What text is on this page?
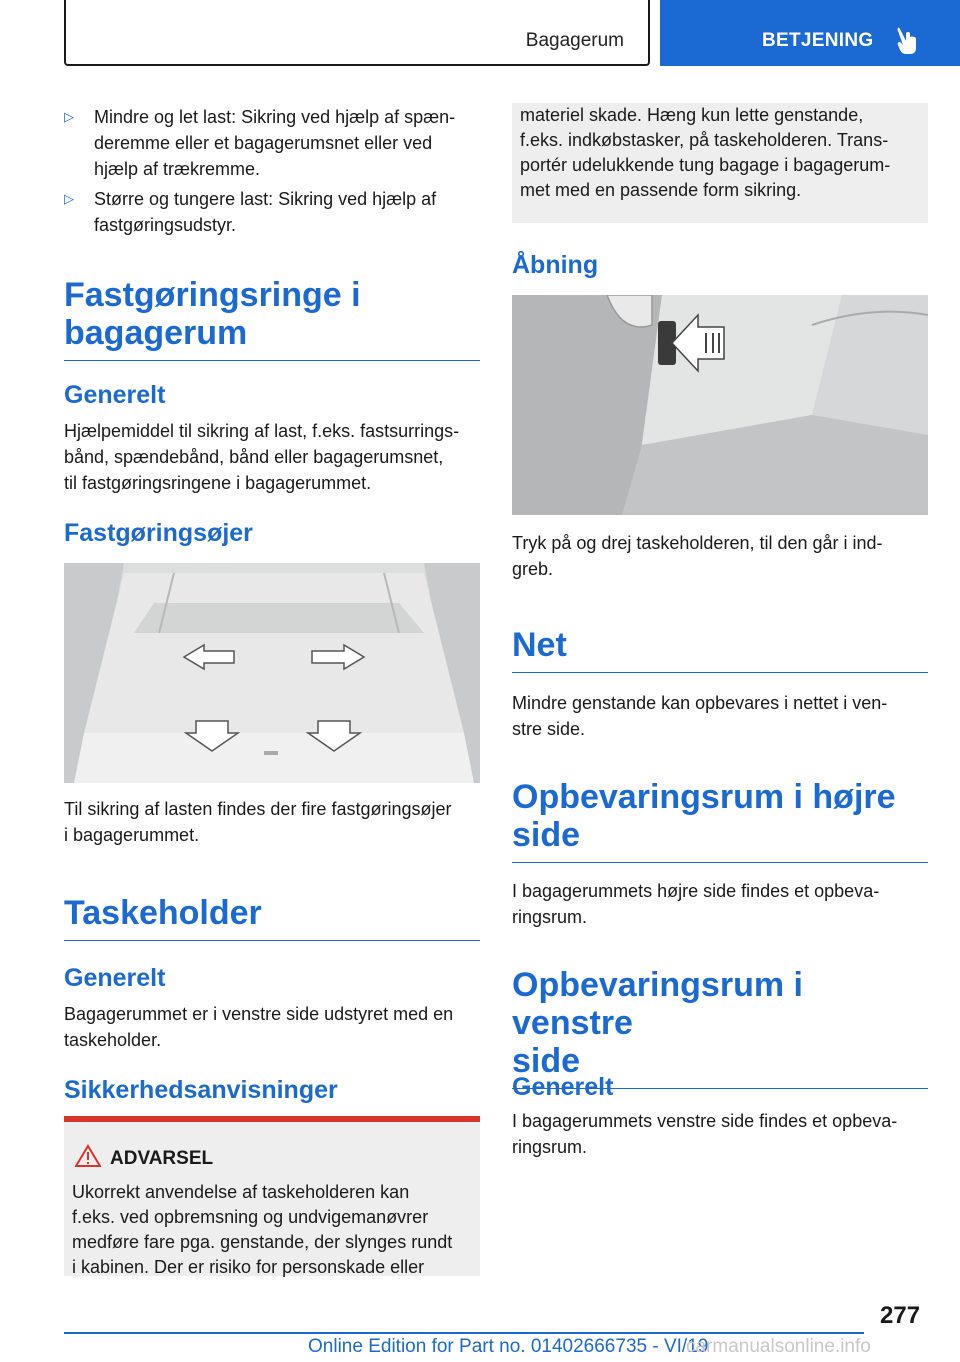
Bagagerum	BETJENING
▷ Mindre og let last: Sikring ved hjælp af spæn-
deremme eller et bagagerumsnet eller ved
hjælp af trækremme.
▷ Større og tungere last: Sikring ved hjælp af
fastgøringsudstyr.
Fastgøringsringe i
bagagerum
Generelt
Hjælpemiddel til sikring af last, f.eks. fastsurrings-
bånd, spændebånd, bånd eller bagagerumsnet,
til fastgøringsringene i bagagerummet.
Fastgøringsøjer
Til sikring af lasten findes der fire fastgøringsøjer
i bagagerummet.
Taskeholder
Generelt
Bagagerummet er i venstre side udstyret med en
taskeholder.
Sikkerhedsanvisninger
ADVARSEL
Ukorrekt anvendelse af taskeholderen kan
f.eks. ved opbremsning og undvigemanøvrer
medføre fare pga. genstande, der slynges rundt
i kabinen. Der er risiko for personskade eller
materiel skade. Hæng kun lette genstande,
f.eks. indkøbstasker, på taskeholderen. Trans-
portér udelukkende tung bagage i bagagerum-
met med en passende form sikring.
Åbning
Tryk på og drej taskeholderen, til den går i ind-
greb.
Net
Mindre genstande kan opbevares i nettet i ven-
stre side.
Opbevaringsrum i højre
side
I bagagerummets højre side findes et opbeva-
ringsrum.
Opbevaringsrum i venstre
side
Generelt
I bagagerummets venstre side findes et opbeva-
ringsrum.
277
Online Edition for Part no. 01402666735 - VI/19
carmanualsonline.info
